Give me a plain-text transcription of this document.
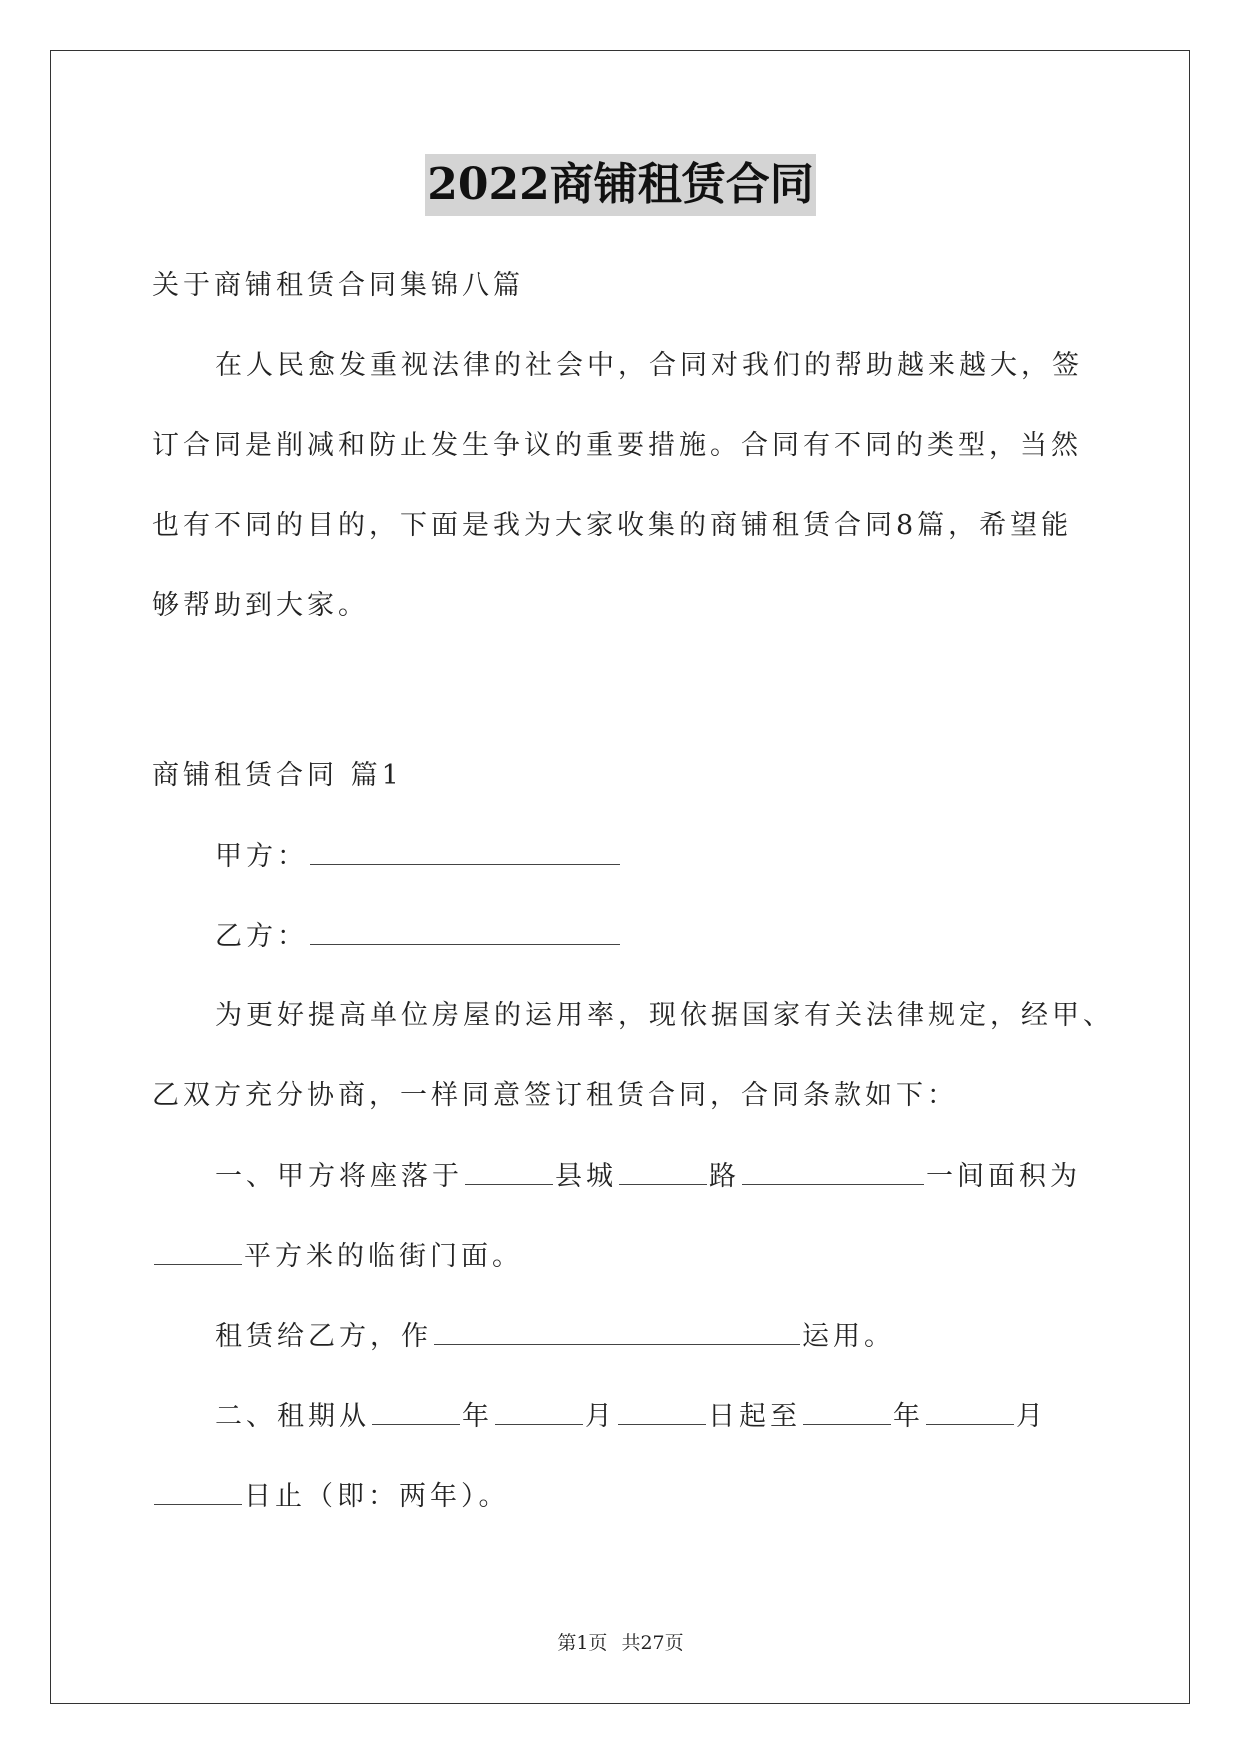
2022商铺租赁合同
关于商铺租赁合同集锦八篇
在人民愈发重视法律的社会中，合同对我们的帮助越来越大，签
订合同是削减和防止发生争议的重要措施。合同有不同的类型，当然
也有不同的目的，下面是我为大家收集的商铺租赁合同8篇，希望能
够帮助到大家。
商铺租赁合同 篇1
甲方：
乙方：
为更好提高单位房屋的运用率，现依据国家有关法律规定，经甲、
乙双方充分协商，一样同意签订租赁合同，合同条款如下：
一、甲方将座落于	县城	路	一间面积为
平方米的临街门面。
租赁给乙方，作	运用。
二、租期从	年	月	日起至	年	月
日止（即：两年）。
第1页 共27页
